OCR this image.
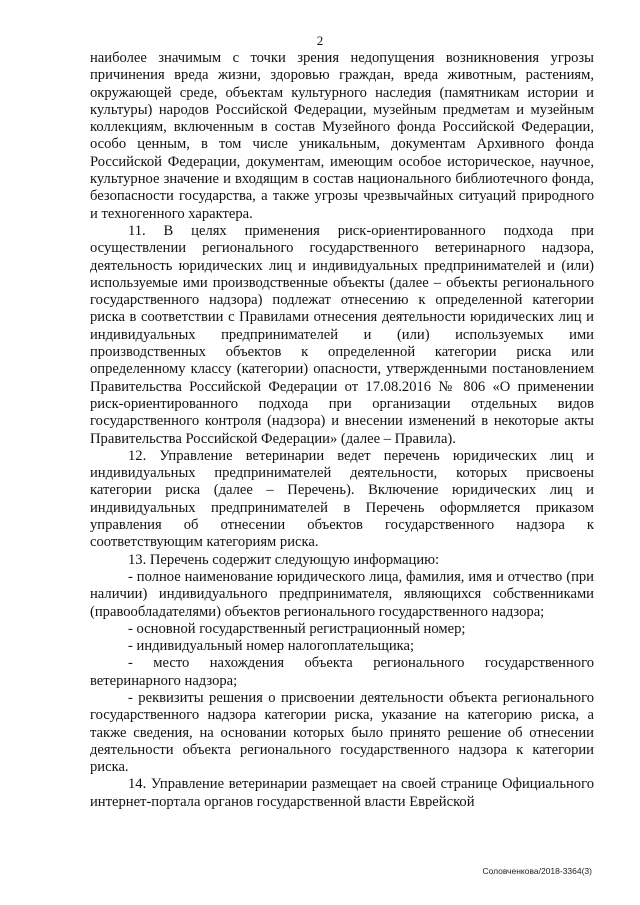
2

наиболее значимым с точки зрения недопущения возникновения угрозы причинения вреда жизни, здоровью граждан, вреда животным, растениям, окружающей среде, объектам культурного наследия (памятникам истории и культуры) народов Российской Федерации, музейным предметам и музейным коллекциям, включенным в состав Музейного фонда Российской Федерации, особо ценным, в том числе уникальным, документам Архивного фонда Российской Федерации, документам, имеющим особое историческое, научное, культурное значение и входящим в состав национального библиотечного фонда, безопасности государства, а также угрозы чрезвычайных ситуаций природного и техногенного характера.

11. В целях применения риск-ориентированного подхода при осуществлении регионального государственного ветеринарного надзора, деятельность юридических лиц и индивидуальных предпринимателей и (или) используемые ими производственные объекты (далее – объекты регионального государственного надзора) подлежат отнесению к определенной категории риска в соответствии с Правилами отнесения деятельности юридических лиц и индивидуальных предпринимателей и (или) используемых ими производственных объектов к определенной категории риска или определенному классу (категории) опасности, утвержденными постановлением Правительства Российской Федерации от 17.08.2016 № 806 «О применении риск-ориентированного подхода при организации отдельных видов государственного контроля (надзора) и внесении изменений в некоторые акты Правительства Российской Федерации» (далее – Правила).

12. Управление ветеринарии ведет перечень юридических лиц и индивидуальных предпринимателей деятельности, которых присвоены категории риска (далее – Перечень). Включение юридических лиц и индивидуальных предпринимателей в Перечень оформляется приказом управления об отнесении объектов государственного надзора к соответствующим категориям риска.

13. Перечень содержит следующую информацию:

- полное наименование юридического лица, фамилия, имя и отчество (при наличии) индивидуального предпринимателя, являющихся собственниками (правообладателями) объектов регионального государственного надзора;

- основной государственный регистрационный номер;

- индивидуальный номер налогоплательщика;

- место нахождения объекта регионального государственного ветеринарного надзора;

- реквизиты решения о присвоении деятельности объекта регионального государственного надзора категории риска, указание на категорию риска, а также сведения, на основании которых было принято решение об отнесении деятельности объекта регионального государственного надзора к категории риска.

14. Управление ветеринарии размещает на своей странице Официального интернет-портала органов государственной власти Еврейской

Соловченкова/2018-3364(3)
